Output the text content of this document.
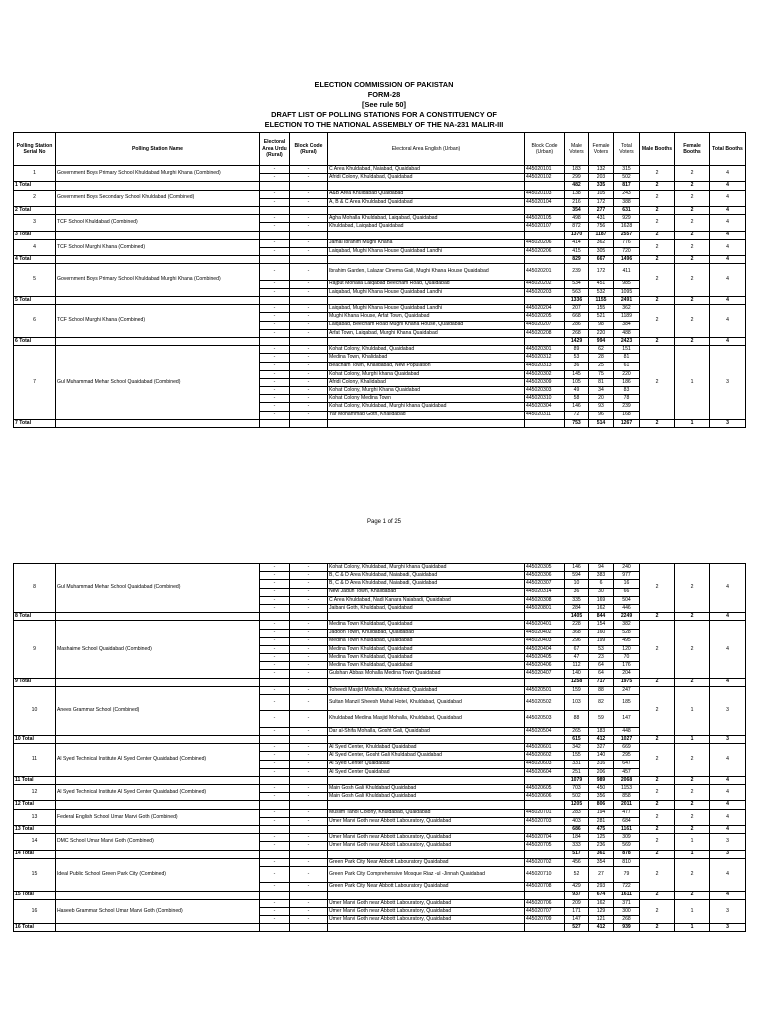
ELECTION COMMISSION OF PAKISTAN
FORM-28
[See rule 50]
DRAFT LIST OF POLLING STATIONS FOR A CONSTITUENCY OF
ELECTION TO THE NATIONAL ASSEMBLY OF THE NA-231 MALIR-III
Polling Station Serial No	Polling Station Name	Electoral Area Urdu (Rural)	Block Code (Rural)	Electoral Area English (Urban)	Block Code (Urban)	Male Voters	Female Voters	Total Voters	Male Booths	Female Booths	Total Booths
1	Government Boys Primary School Khuldabad Murghi Khana (Combined)	-	-	C Area Khuldabad, Naiabad, Quaidabad	445020101	183	132	315	2	2	4
		-	-	Afridi Colony, Khuldabad, Quaidabad	445020102	299	203	502			
1 Total						482	335	817	2	2	4
2	Government Boys Secondary School Khuldabad (Combined)	-	-	A&B Area Khuldabad Quaidabad	445020103	138	105	243	2	2	4
		-	-	A, B & C Area Khuldabad Quaidabad	445020104	216	172	388			
2 Total						354	277	631	2	2	4
3	TCF School Khuldabad (Combined)	-	-	Agha Mohalla Khuldabad, Laiqabad, Quaidabad	445020105	498	431	929	2	2	4
		-	-	Khuldabad, Laiqabad Quaidabad	445020107	872	756	1628			
3 Total						1370	1187	2557	2	2	4
4	TCF School Murghi Khana (Combined)	-	-	Jamal Ibrahim Mughi Khana	445020206	414	362	776	2	2	4
		-	-	Laiqabad, Mughi Khana House Quaidabad Landhi	445020206	415	305	720			
4 Total						829	667	1496	2	2	4
5	Government Boys Primary School Khuldabad Murghi Khana (Combined)	-	-	Ibrahim Garden, Lalazar Cinema Gali, Mughi Khana House Quaidabad	445020201	239	172	411	2	2	4
		-	-	Rajput Mohalla Laiqabad Beecham Road, Quaidabad	445020202	534	451	985			
		-	-	Laiqabad, Mughi Khana House Quaidabad Landhi	445020203	563	532	1095			
5 Total						1336	1155	2491	2	2	4
6	TCF School Murghi Khana (Combined)	-	-	Laiqabad, Mughi Khana House Quaidabad Landhi	445020204	207	155	362	2	2	4
		-	-	Mughi Khana House, Arfat Town, Quaidabad	445020205	668	521	1189			
		-	-	Laiqabad, Beecham Road Mughi Khana House, Quaidabad	445020207	286	98	384			
		-	-	Arfat Town, Laiqabad, Murghi Khana Quaidabad	445020208	268	220	488			
6 Total						1429	994	2423	2	2	4
7	Gul Muhammad Mehar School Quaidabad (Combined)	-	-	Kohat Colony, Khuldabad, Quaidabad	445020301	89	62	151	2	1	3
		-	-	Medina Town, Khalidabad	445020312	53	28	81			
		-	-	Beacham Town, Khalidabad, New Population	445020313	36	25	61			
		-	-	Kohat Colony, Murghi khana Quaidabad	445020302	145	75	220			
		-	-	Afridi Colony, Khalidabad	445020309	105	81	186			
		-	-	Kohat Colony, Murghi Khana Quaidabad	445020303	49	34	83			
		-	-	Kohat Colony Medina Town	445020310	58	20	78			
		-	-	Kohat Colony, Khuldabad, Murghi khana Quaidabad	445020304	146	93	239			
		-	-	Yar Mohammad Goth, Khalidabad	445020311	72	96	168			
7 Total						753	514	1267	2	1	3
Page 1 of 25
8	Gul Muhammad Mehar School Quaidabad (Combined)	-	-	Kohat Colony, Khuldabad, Murghi khana Quaidabad	445020305	146	94	240	2	2	4
		-	-	B, C & D Area Khuldabad, Naiabadi, Quaidabad	445020306	594	383	977			
		-	-	B, C & D Area Khuldabad, Naiabadi, Quaidabad	445020307	10	6	16			
		-	-	New Jadun Town, Khalidabad	445020314	36	30	66			
		-	-	C Area Khuldabad, Nadi Kanara Naiabadi, Quaidabad	445020308	335	169	504			
		-	-	Jaibani Goth, Khuldabad, Quaidabad	445020801	284	162	446			
8 Total						1405	844	2249	2	2	4
9	Mashaime School Quaidabad (Combined)	-	-	Medina Town Khuldabad, Quaidabad	445020401	228	154	382	2	2	4
		-	-	Jadoon Town, Khuldabad, Quaidabad	445020402	368	160	528			
		-	-	Medina Town Khuldabad, Quaidabad	445020403	296	199	495			
		-	-	Medina Town Khuldabad, Quaidabad	445020404	67	53	120			
		-	-	Medina Town Khuldabad, Quaidabad	445020405	47	23	70			
		-	-	Medina Town Khuldabad, Quaidabad	445020406	112	64	176			
		-	-	Gulshan Abbas Mohalla Medina Town Quaidabad	445020407	140	64	204			
9 Total						1258	717	1975	2	2	4
10	Anees Grammar School (Combined)	-	-	Toheedi Masjid Mohalla, Khuldabad, Quaidabad	445020501	159	88	247	2	1	3
		-	-	Sultan Manzil Sheesh Mahal Hotel, Khuldabad, Quaidabad	445020502	103	82	185			
		-	-	Khuldabad Medina Masjid Mohalla, Khuldabad, Quaidabad	445020503	88	59	147			
		-	-	Dar al-Shifa Mohalla, Gosht Gali, Quaidabad	445020504	265	183	448			
10 Total						615	412	1027	2	1	3
11	Al Syed Technical Institute Al Syed Center Quaidabad (Combined)	-	-	Al Syed Center, Khuldabad Quaidabad	445020601	342	327	669	2	2	4
		-	-	Al Syed Center, Gosht Gali Khuldabad Quaidabad	445020602	155	140	295			
		-	-	Al Syed Center Quaidabad	445020603	331	316	647			
		-	-	Al Syed Center Quaidabad	445020604	251	206	457			
11 Total						1079	989	2068	2	2	4
12	Al Syed Technical Institute Al Syed Center Quaidabad (Combined)	-	-	Main Gosh Gali Khuldabad Quaidabad	445020605	703	450	1153	2	2	4
		-	-	Main Gosh Gali Khuldabad Quaidabad	445020606	502	356	858			
12 Total						1205	806	2011	2	2	4
13	Federal English School Umar Marvi Goth (Combined)	-	-	Muslim Tanol Colony, Khuldabad, Quaidabad	445020701	283	194	477	2	2	4
		-	-	Umer Marvi Goth near Abbott Labouratory, Quaidabad	445020703	403	281	684			
13 Total						686	475	1161	2	2	4
14	DMC School Umar Marvi Goth (Combined)	-	-	Umer Marvi Goth near Abbott Labouratory, Quaidabad	445020704	184	125	309	2	1	3
		-	-	Umer Marvi Goth near Abbott Labouratory, Quaidabad	445020705	333	236	569			
14 Total						517	361	878	2	1	3
15	Ideal Public School Green Park City (Combined)	-	-	Green Park City Near Abbott Labouratory Quaidabad	445020702	456	354	810	2	2	4
		-	-	Green Park City Comprehensive Mosque Riaz -ul -Jinnah Quaidabad	445020710	52	27	79			
		-	-	Green Park City Near Abbott Labouratory Quaidabad	445020708	429	293	722			
15 Total						937	674	1611	2	2	4
16	Haseeb Grammar School Umar Marvi Goth (Combined)	-	-	Umer Marvi Goth near Abbott Labouratory, Quaidabad	445020706	209	162	371	2	1	3
		-	-	Umer Marvi Goth near Abbott Labouratory, Quaidabad	445020707	171	129	300			
		-	-	Umer Marvi Goth near Abbott Labouratory, Quaidabad	445020709	147	121	268			
16 Total						527	412	939	2	1	3
